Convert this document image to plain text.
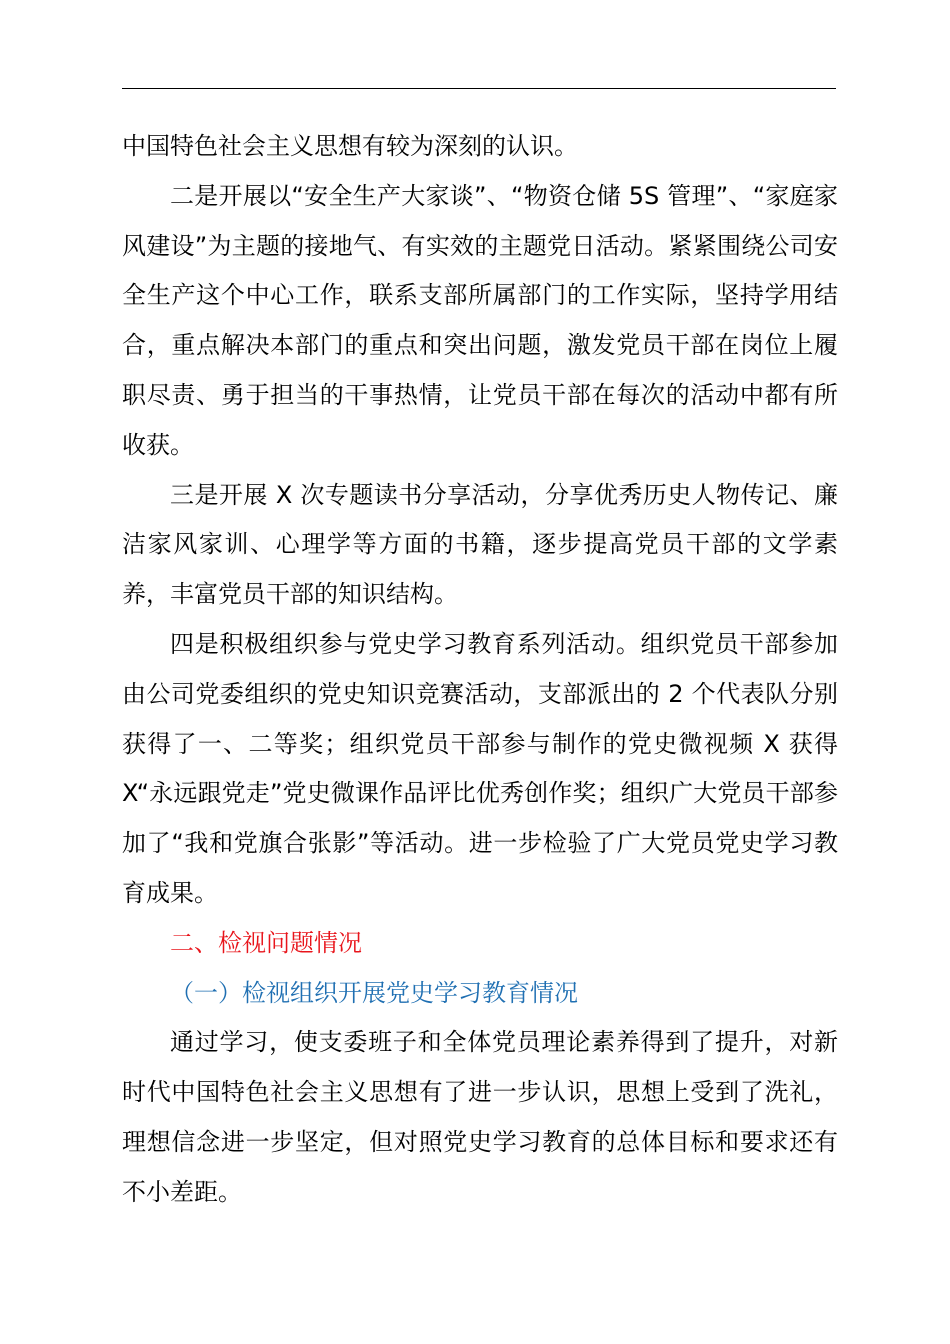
中国特色社会主义思想有较为深刻的认识。

二是开展以“安全生产大家谈”、“物资仓储 5S 管理”、“家庭家风建设”为主题的接地气、有实效的主题党日活动。紧紧围绕公司安全生产这个中心工作，联系支部所属部门的工作实际，坚持学用结合，重点解决本部门的重点和突出问题，激发党员干部在岗位上履职尽责、勇于担当的干事热情，让党员干部在每次的活动中都有所收获。

三是开展 X 次专题读书分享活动，分享优秀历史人物传记、廉洁家风家训、心理学等方面的书籍，逐步提高党员干部的文学素养，丰富党员干部的知识结构。

四是积极组织参与党史学习教育系列活动。组织党员干部参加由公司党委组织的党史知识竞赛活动，支部派出的 2 个代表队分别获得了一、二等奖；组织党员干部参与制作的党史微视频 X 获得 X“永远跟党走”党史微课作品评比优秀创作奖；组织广大党员干部参加了“我和党旗合张影”等活动。进一步检验了广大党员党史学习教育成果。

二、检视问题情况

（一）检视组织开展党史学习教育情况

通过学习，使支委班子和全体党员理论素养得到了提升，对新时代中国特色社会主义思想有了进一步认识，思想上受到了洗礼，理想信念进一步坚定，但对照党史学习教育的总体目标和要求还有不小差距。
